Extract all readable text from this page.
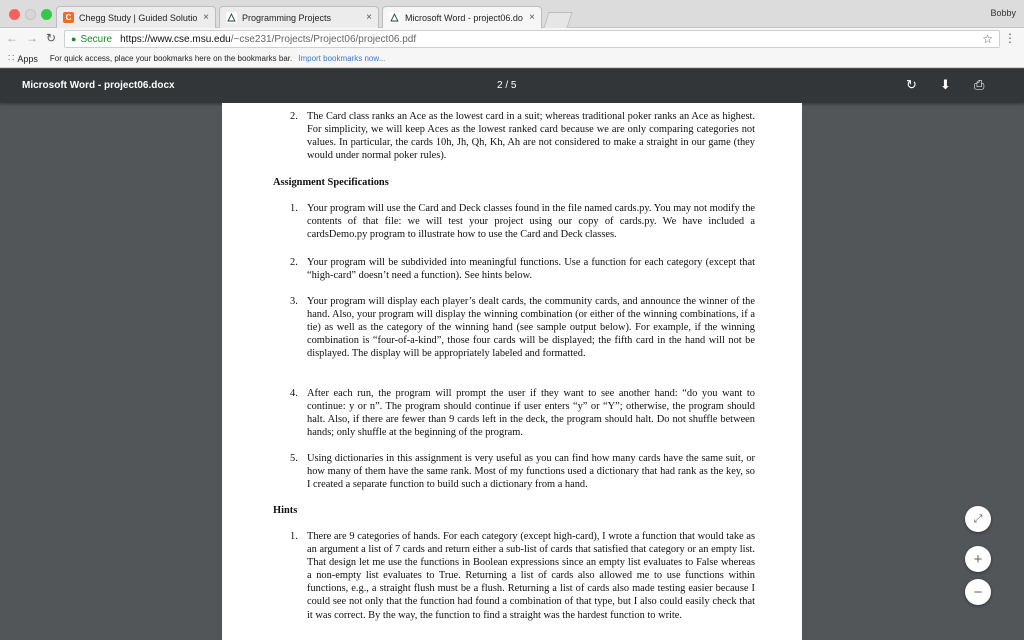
C Chegg Study | Guided Solutio × △ Programming Projects	× △ Microsoft Word - project06.do ×	Bobby
← → ↻ ● Secure https://www.cse.msu.edu /~cse231/Projects/Project06/project06.pdf	☆ ⋮
∷ Apps For quick access, place your bookmarks here on the bookmarks bar. Import bookmarks now...
Microsoft Word - project06.docx	2 / 5	↻ ⬇ ⎙
2. The Card class ranks an Ace as the lowest card in a suit; whereas traditional poker ranks an Ace as highest. For simplicity, we will keep Aces as the lowest ranked card because we are only comparing categories not values. In particular, the cards 10h, Jh, Qh, Kh, Ah are not considered to make a straight in our game (they would under normal poker rules).
Assignment Specifications
1. Your program will use the Card and Deck classes found in the file named cards.py. You may not modify the contents of that file: we will test your project using our copy of cards.py. We have included a cardsDemo.py program to illustrate how to use the Card and Deck classes.
2. Your program will be subdivided into meaningful functions. Use a function for each category (except that “high-card” doesn’t need a function). See hints below.
3. Your program will display each player’s dealt cards, the community cards, and announce the winner of the hand. Also, your program will display the winning combination (or either of the winning combinations, if a tie) as well as the category of the winning hand (see sample output below). For example, if the winning combination is “four-of-a-kind”, those four cards will be displayed; the fifth card in the hand will not be displayed. The display will be appropriately labeled and formatted.
4. After each run, the program will prompt the user if they want to see another hand: “do you want to continue: y or n”. The program should continue if user enters “y” or “Y”; otherwise, the program should halt. Also, if there are fewer than 9 cards left in the deck, the program should halt. Do not shuffle between hands; only shuffle at the beginning of the program.
5. Using dictionaries in this assignment is very useful as you can find how many cards have the same suit, or how many of them have the same rank. Most of my functions used a dictionary that had rank as the key, so I created a separate function to build such a dictionary from a hand.
Hints
1. There are 9 categories of hands. For each category (except high-card), I wrote a function that would take as an argument a list of 7 cards and return either a sub-list of cards that satisfied that category or an empty list. That design let me use the functions in Boolean expressions since an empty list evaluates to False whereas a non-empty list evaluates to True. Returning a list of cards also allowed me to use functions within functions, e.g., a straight flush must be a flush. Returning a list of cards also made testing easier because I could see not only that the function had found a combination of that type, but I also could easily check that it was correct. By the way, the function to find a straight was the hardest function to write.
⤢
+
−
